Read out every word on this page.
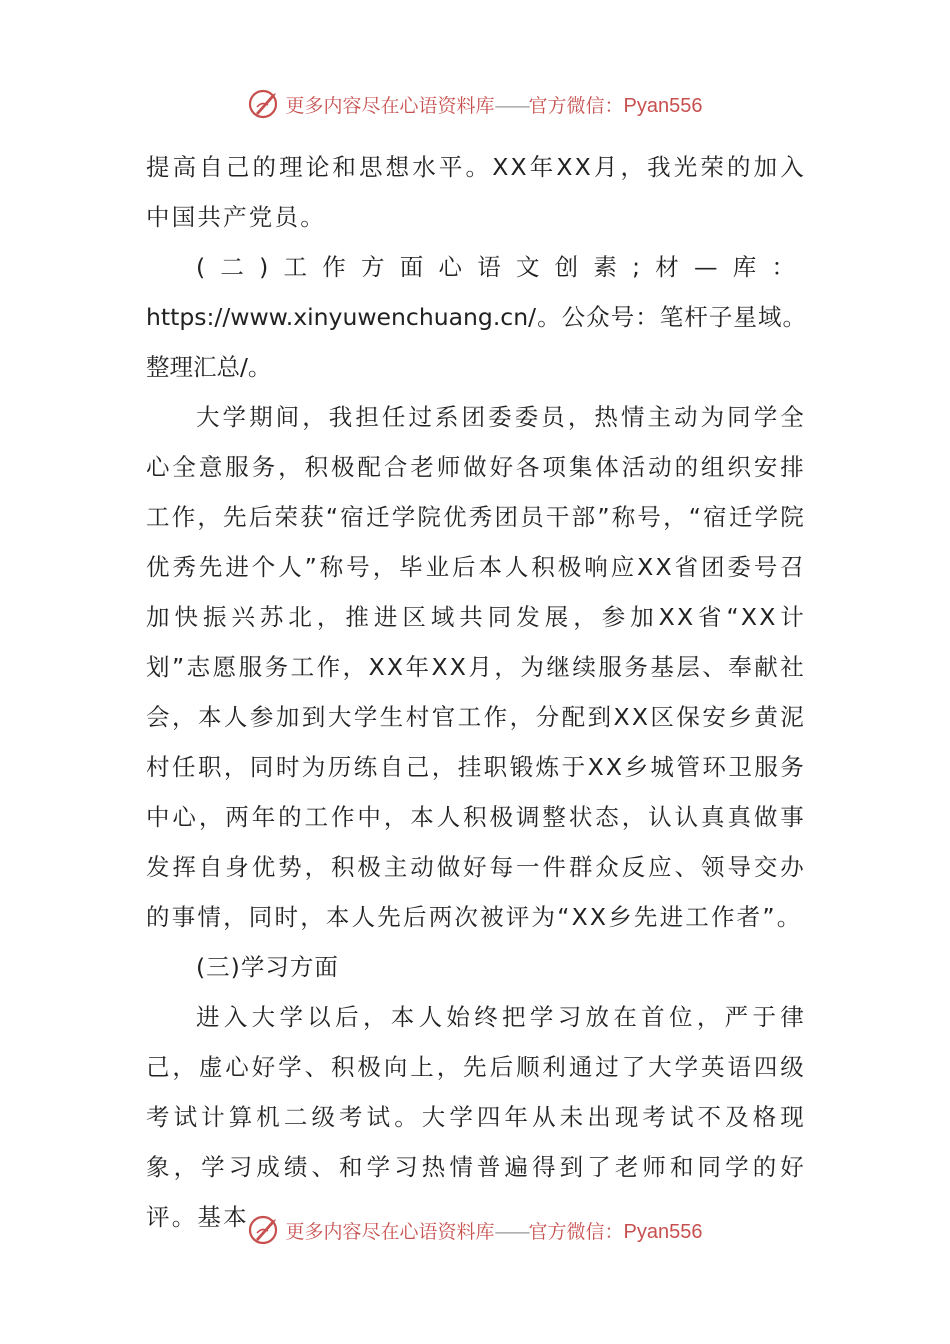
更多内容尽在心语资料库——官方微信：Pyan556

提高自己的理论和思想水平。XX年XX月，我光荣的加入中国共产党员。

(二)工作方面心语文创素;材—库：https://www.xinyuwenchuang.cn/。公众号：笔杆子星域。整理汇总/。

大学期间，我担任过系团委委员，热情主动为同学全心全意服务，积极配合老师做好各项集体活动的组织安排工作，先后荣获“宿迁学院优秀团员干部”称号，“宿迁学院优秀先进个人”称号，毕业后本人积极响应XX省团委号召加快振兴苏北，推进区域共同发展，参加XX省“XX计划”志愿服务工作，XX年XX月，为继续服务基层、奉献社会，本人参加到大学生村官工作，分配到XX区保安乡黄泥村任职，同时为历练自己，挂职锻炼于XX乡城管环卫服务中心，两年的工作中，本人积极调整状态，认认真真做事发挥自身优势，积极主动做好每一件群众反应、领导交办的事情，同时，本人先后两次被评为“XX乡先进工作者”。

(三)学习方面

进入大学以后，本人始终把学习放在首位，严于律己，虚心好学、积极向上，先后顺利通过了大学英语四级考试计算机二级考试。大学四年从未出现考试不及格现象，学习成绩、和学习热情普遍得到了老师和同学的好评。基本

更多内容尽在心语资料库——官方微信：Pyan556
